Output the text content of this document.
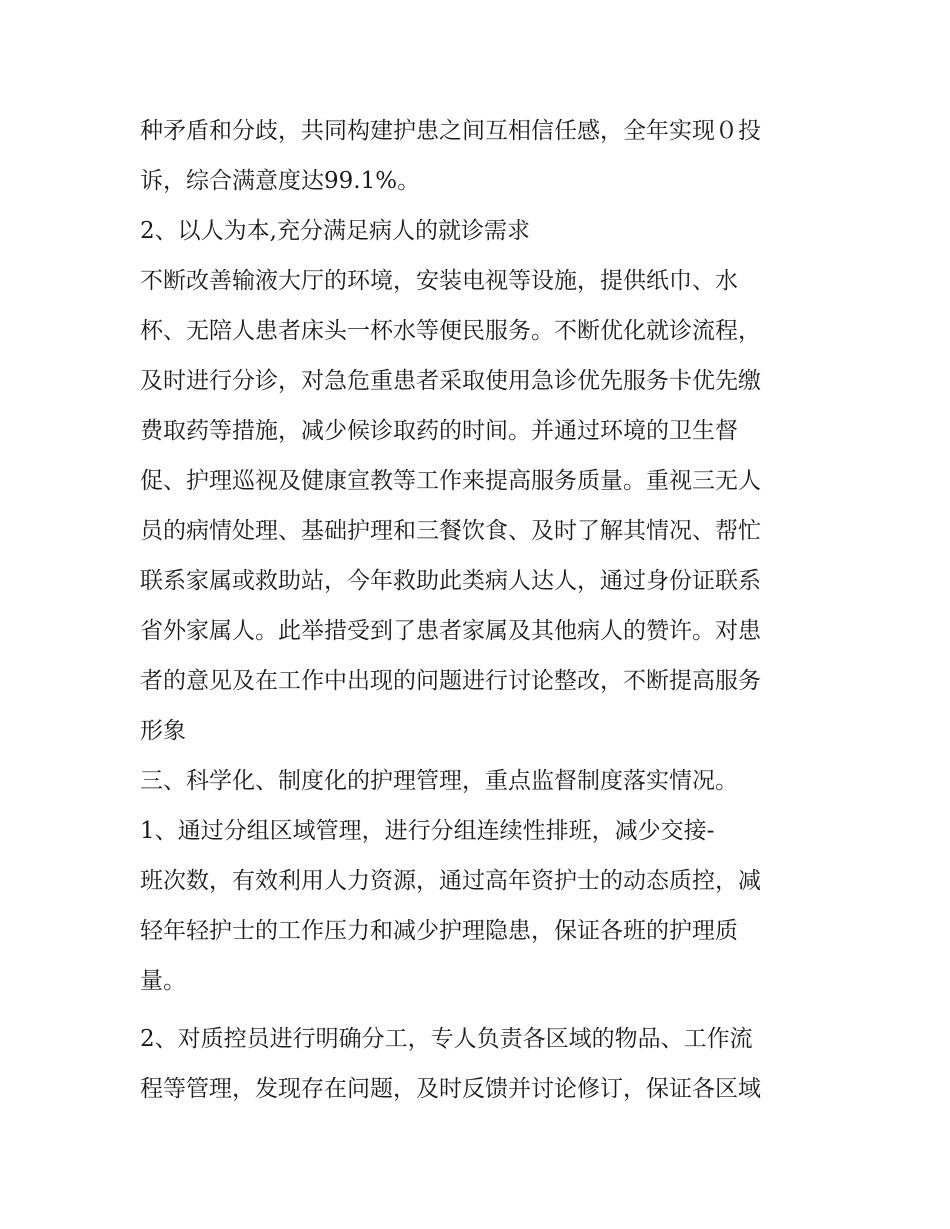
种矛盾和分歧，共同构建护患之间互相信任感，全年实现０投
诉，综合满意度达99.1%。
2、以人为本,充分满足病人的就诊需求
不断改善输液大厅的环境，安装电视等设施，提供纸巾、水
杯、无陪人患者床头一杯水等便民服务。不断优化就诊流程，
及时进行分诊，对急危重患者采取使用急诊优先服务卡优先缴
费取药等措施，减少候诊取药的时间。并通过环境的卫生督
促、护理巡视及健康宣教等工作来提高服务质量。重视三无人
员的病情处理、基础护理和三餐饮食、及时了解其情况、帮忙
联系家属或救助站，今年救助此类病人达人，通过身份证联系
省外家属人。此举措受到了患者家属及其他病人的赞许。对患
者的意见及在工作中出现的问题进行讨论整改，不断提高服务
形象
三、科学化、制度化的护理管理，重点监督制度落实情况。
1、通过分组区域管理，进行分组连续性排班，减少交接-
班次数，有效利用人力资源，通过高年资护士的动态质控，减
轻年轻护士的工作压力和减少护理隐患，保证各班的护理质
量。
2、对质控员进行明确分工，专人负责各区域的物品、工作流
程等管理，发现存在问题，及时反馈并讨论修订，保证各区域
